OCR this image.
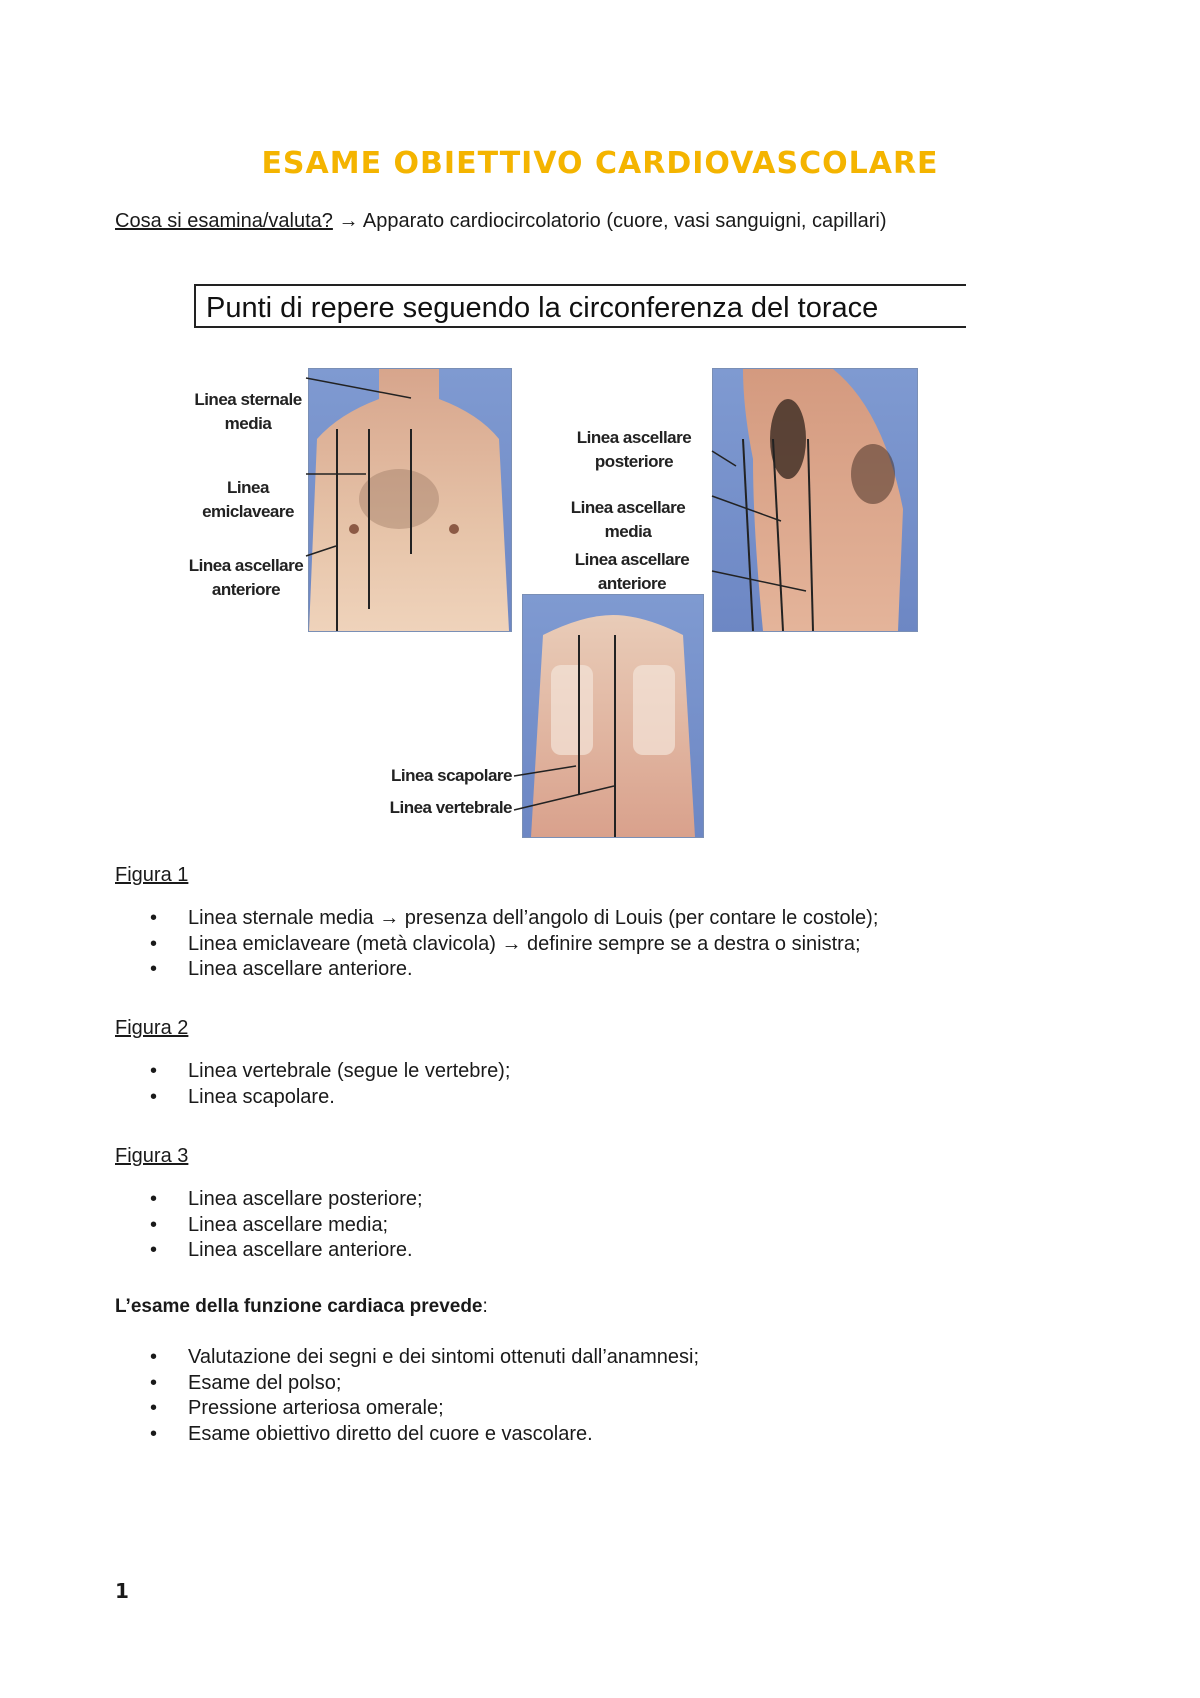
ESAME OBIETTIVO CARDIOVASCOLARE
Cosa si esamina/valuta? → Apparato cardiocircolatorio (cuore, vasi sanguigni, capillari)
Punti di repere seguendo la circonferenza del torace
Linea sternale
media
Linea
emiclaveare
Linea ascellare
anteriore
Linea ascellare
posteriore
Linea ascellare
media
Linea ascellare
anteriore
Linea scapolare
Linea vertebrale
Figura 1
• Linea sternale media → presenza dell’angolo di Louis (per contare le costole);
• Linea emiclaveare (metà clavicola) → definire sempre se a destra o sinistra;
• Linea ascellare anteriore.
Figura 2
• Linea vertebrale (segue le vertebre);
• Linea scapolare.
Figura 3
• Linea ascellare posteriore;
• Linea ascellare media;
• Linea ascellare anteriore.
L’esame della funzione cardiaca prevede:
• Valutazione dei segni e dei sintomi ottenuti dall’anamnesi;
• Esame del polso;
• Pressione arteriosa omerale;
• Esame obiettivo diretto del cuore e vascolare.
1
